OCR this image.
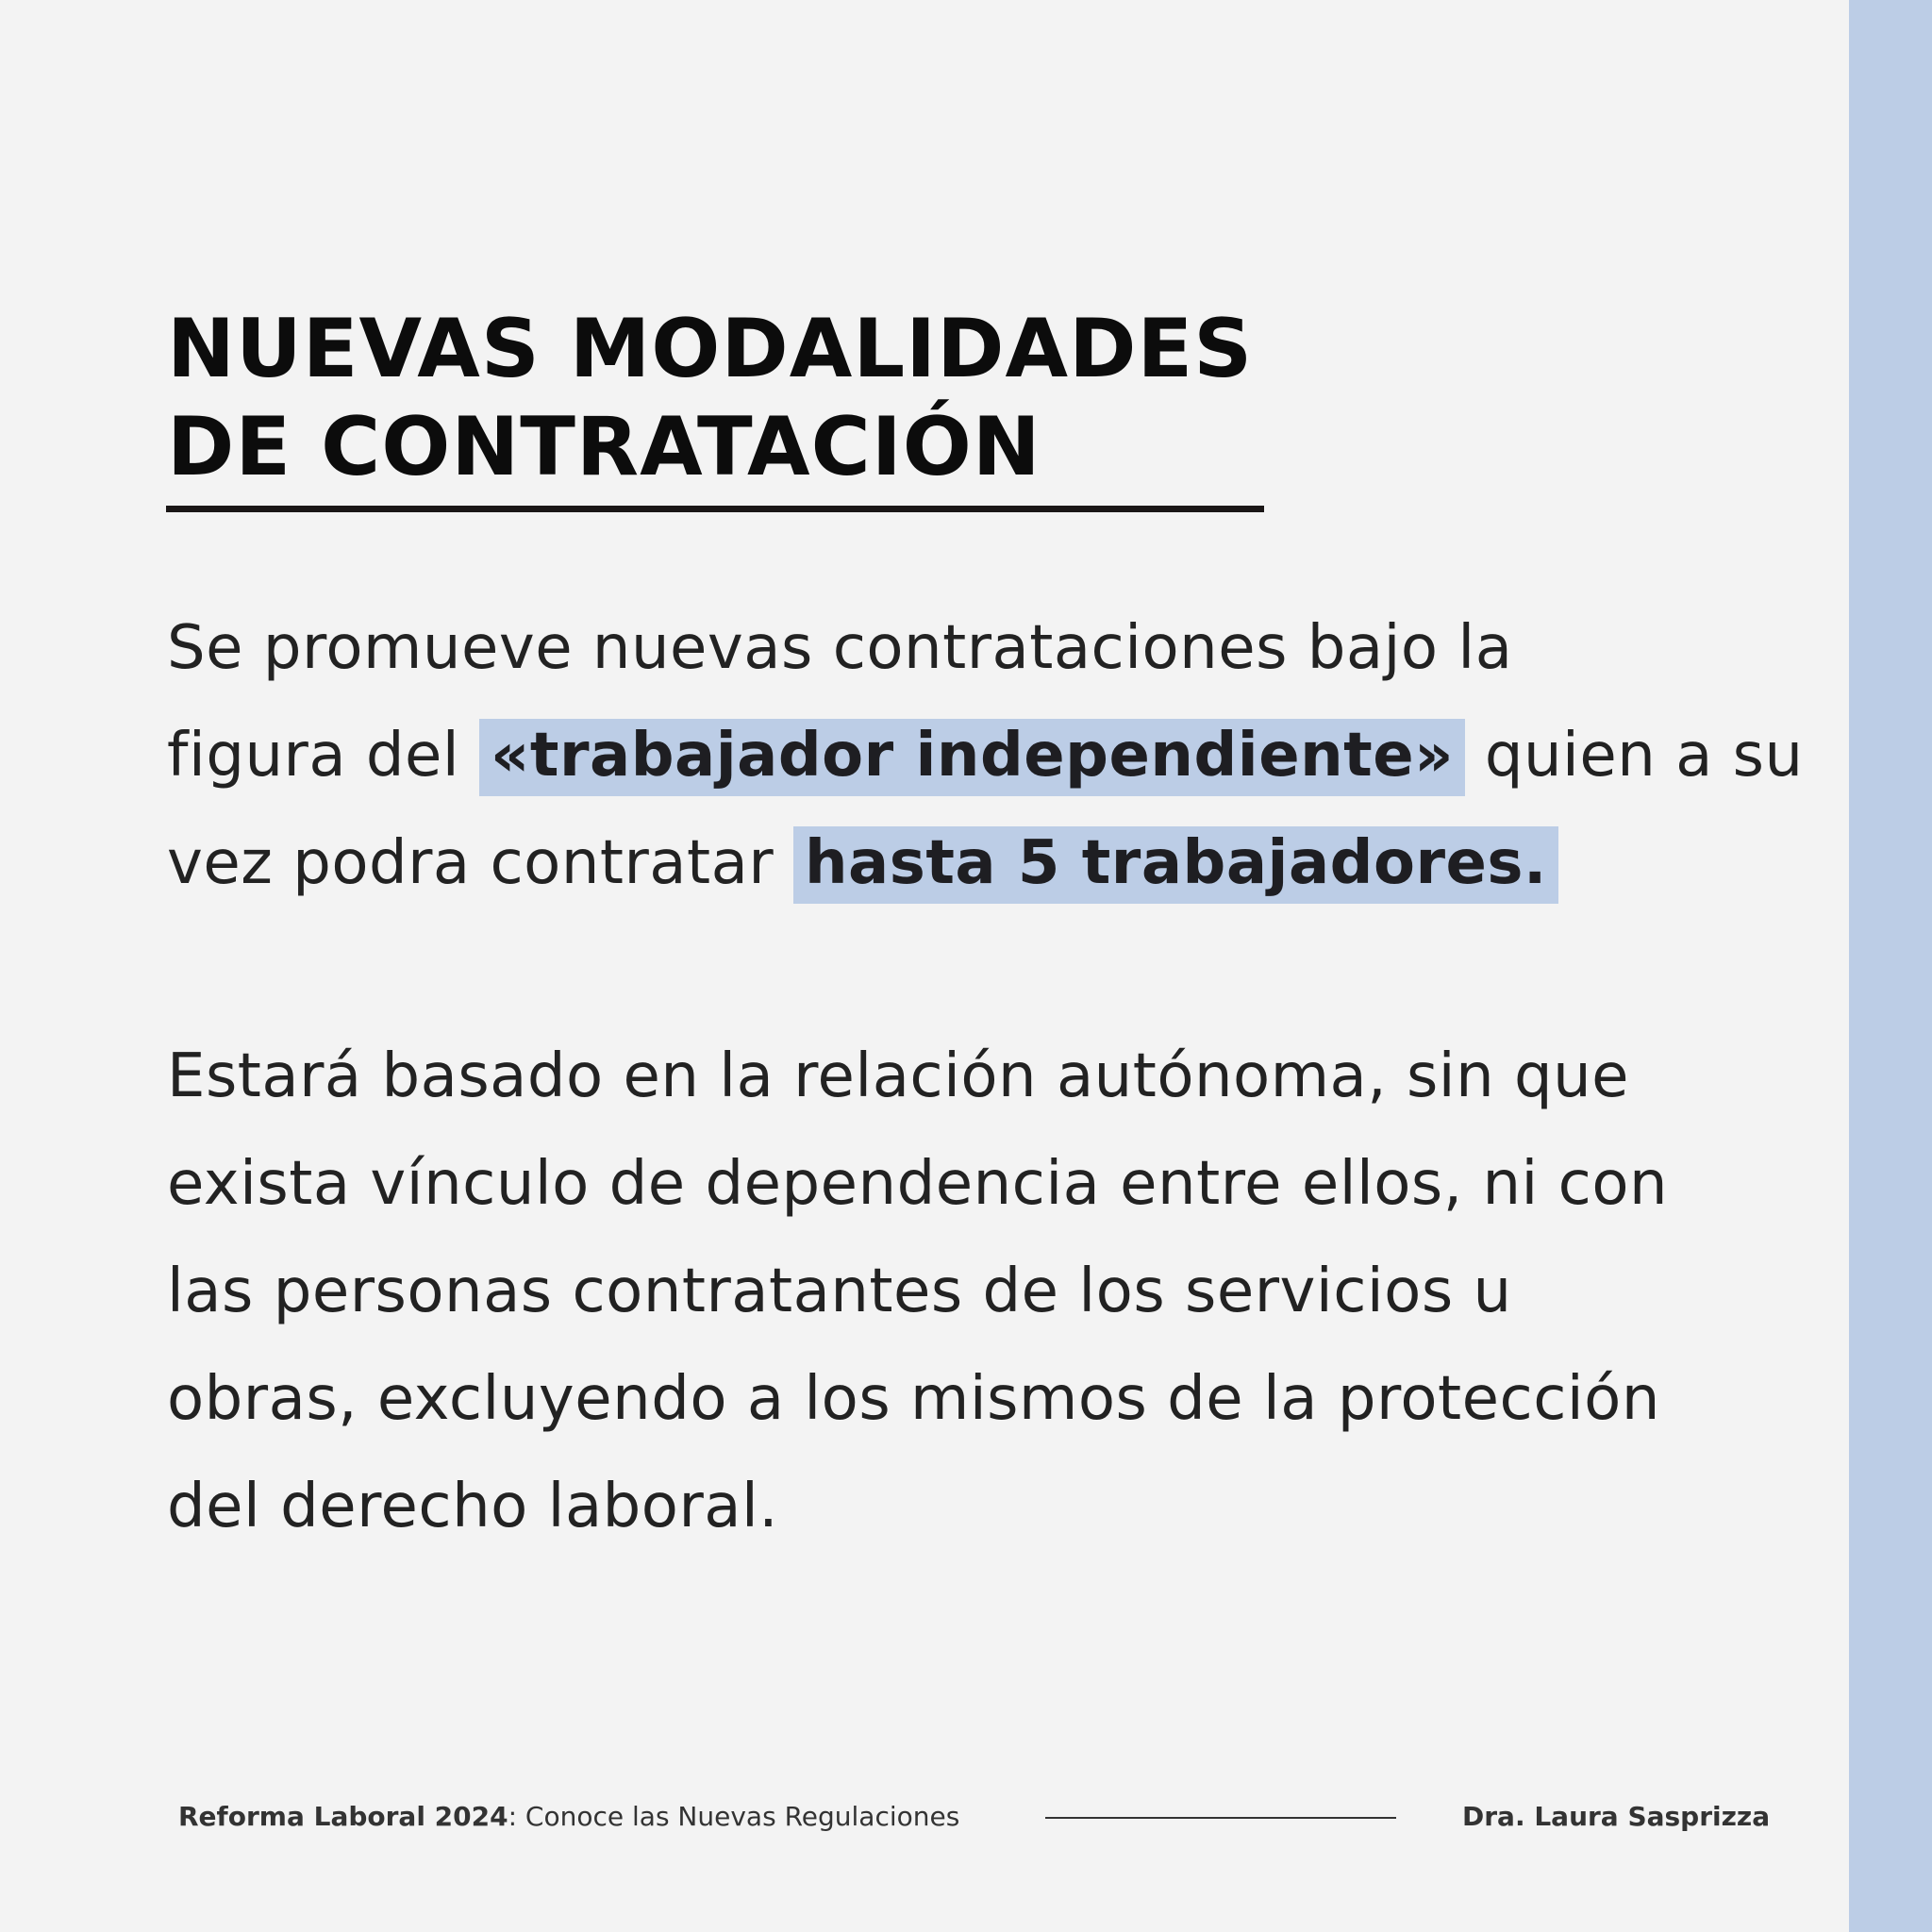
NUEVAS MODALIDADES
DE CONTRATACIÓN
Se promueve nuevas contrataciones bajo la
figura del «trabajador independiente» quien a su
vez podra contratar hasta 5 trabajadores.
Estará basado en la relación autónoma, sin que
exista vínculo de dependencia entre ellos, ni con
las personas contratantes de los servicios u
obras, excluyendo a los mismos de la protección
del derecho laboral.
Reforma Laboral 2024: Conoce las Nuevas Regulaciones	Dra. Laura Sasprizza
